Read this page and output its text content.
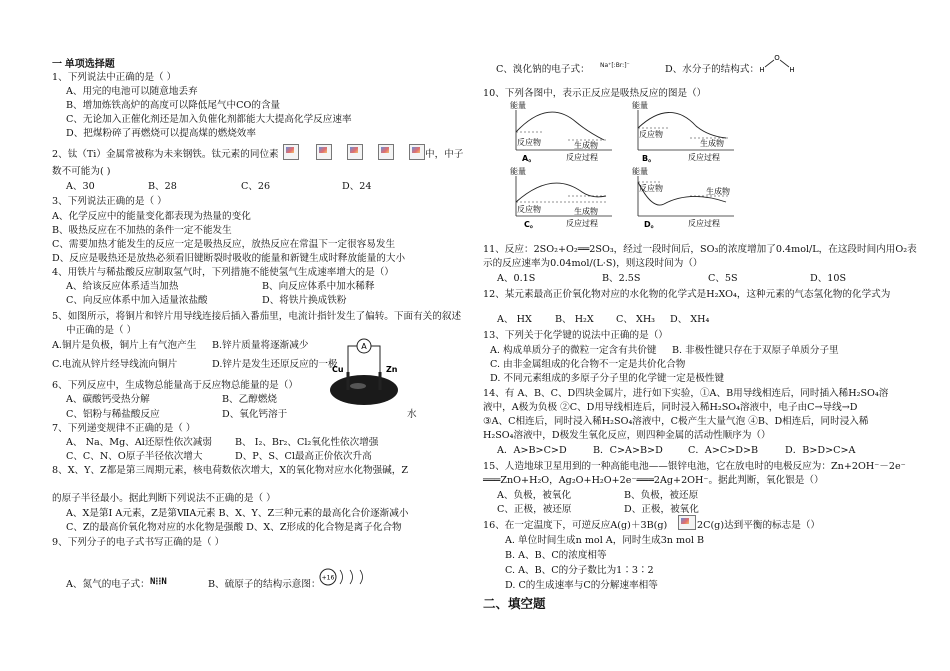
一 单项选择题
1、下列说法中正确的是（ ）
A、用完的电池可以随意地丢弃
B、增加炼铁高炉的高度可以降低尾气中CO的含量
C、无论加入正催化剂还是加入负催化剂都能大大提高化学反应速率
D、把煤粉碎了再燃烧可以提高煤的燃烧效率
2、钛（Ti）金属常被称为未来钢铁。钛元素的同位素	中，中子
数不可能为( )
A、30	B、28	C、26	D、24
3、下列说法正确的是（ ）
A、化学反应中的能量变化都表现为热量的变化
B、吸热反应在不加热的条件一定不能发生
C、需要加热才能发生的反应一定是吸热反应，放热反应在常温下一定很容易发生
D、反应是吸热还是放热必须看旧键断裂时吸收的能量和新键生成时释放能量的大小
4、用铁片与稀盐酸反应制取氢气时，下列措施不能使氢气生成速率增大的是（）
A、给该反应体系适当加热	B、向反应体系中加水稀释
C、向反应体系中加入适量浓盐酸	D、将铁片换成铁粉
5、如图所示，将铜片和锌片用导线连接后插入番茄里，电流计指针发生了偏转。下面有关的叙述
中正确的是（ ）
A.铜片是负极，铜片上有气泡产生 B.锌片质量将逐渐减少
C.电流从锌片经导线流向铜片	D.锌片是发生还原反应的一极
A
Cu	Zn
6、下列反应中，生成物总能量高于反应物总能量的是（）
A、碳酸钙受热分解	B、乙醇燃烧
C、铝粉与稀盐酸反应	D、氧化钙溶于	水
7、下列递变规律不正确的是（ ）
A、 Na、Mg、Al还原性依次减弱 B、 I₂、Br₂、Cl₂氧化性依次增强
C、C、N、O原子半径依次增大	D、P、S、Cl最高正价依次升高
8、X、Y、Z都是第三周期元素，核电荷数依次增大，X的氧化物对应水化物强碱，Z
的原子半径最小。据此判断下列说法不正确的是（ ）
A、X是第Ⅰ A元素，Z是第ⅦA元素 B、X、Y、Z三种元素的最高化合价逐渐减小
C、Z的最高价氧化物对应的水化物是强酸 D、X、Z形成的化合物是离子化合物
9、下列分子的电子式书写正确的是（ ）
A、氮气的电子式： N⁞⁞N	B、硫原子的结构示意图：
+16
C、溴化钠的电子式： Na⁺[:Br:]⁻	D、水分子的结构式：
O
H	H
10、下列各图中，表示正反应是吸热反应的图是（）
能量
反应物	生成物
A。	反应过程
能量
反应物
生成物
B。	反应过程
能量
反应物	生成物
C。	反应过程
能量
反应物	生成物
D。	反应过程
11、反应：2SO₂+O₂══2SO₃，经过一段时间后，SO₃的浓度增加了0.4mol/L，在这段时间内用O₂表
示的反应速率为0.04mol/(L·S)，则这段时间为（）
A、0.1S	B、2.5S	C、5S	D、10S
12、某元素最高正价氧化物对应的水化物的化学式是H₂XO₄，这种元素的气态氢化物的化学式为
A、 HX B、 H₂X C、 XH₃ D、 XH₄
13、下列关于化学键的说法中正确的是（）
A. 构成单质分子的微粒一定含有共价键 B. 非极性键只存在于双原子单质分子里
C. 由非金属组成的化合物不一定是共价化合物
D. 不同元素组成的多原子分子里的化学键一定是极性键
14、有 A、B、C、D四块金属片，进行如下实验，①A、B用导线相连后，同时插入稀H₂SO₄溶
液中，A极为负极 ②C、D用导线相连后，同时浸入稀H₂SO₄溶液中，电子由C→导线→D
③A、C相连后，同时浸入稀H₂SO₄溶液中，C极产生大量气泡 ④B、D相连后，同时浸入稀
H₂SO₄溶液中，D极发生氧化反应，则四种金属的活动性顺序为（）
A．A>B>C>D	B．C>A>B>D	C．A>C>D>B	D．B>D>C>A
15、人造地球卫星用到的一种高能电池——银锌电池，它在放电时的电极反应为：Zn+2OH⁻－2e⁻
═══ZnO+H₂O，Ag₂O+H₂O+2e⁻═══2Ag+2OH⁻。据此判断，氧化银是（）
A、负极，被氧化	B、负极，被还原
C、正极，被还原	D、正极，被氧化
16、在一定温度下，可逆反应A(g)＋3B(g)	2C(g)达到平衡的标志是（）
A. 单位时间生成n mol A，同时生成3n mol B
B. A、B、C的浓度相等
C. A、B、C的分子数比为1∶3∶2
D. C的生成速率与C的分解速率相等
二、填空题
